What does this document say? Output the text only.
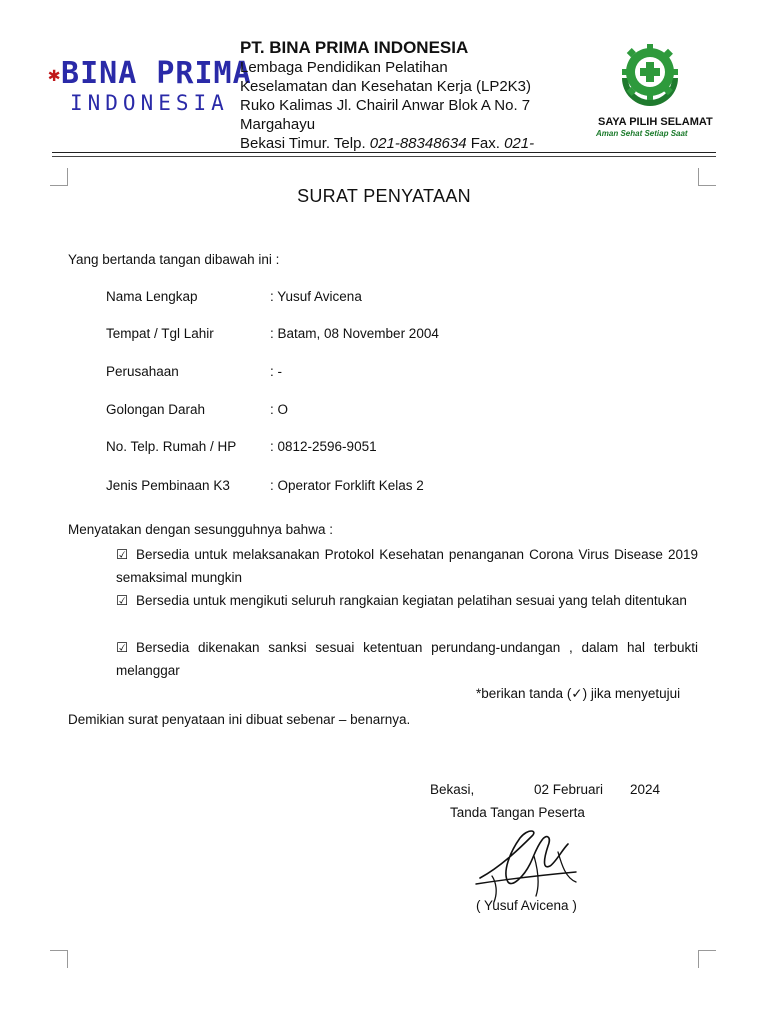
✱BINA PRIMA
INDONESIA
PT. BINA PRIMA INDONESIA
Lembaga Pendidikan Pelatihan
Keselamatan dan Kesehatan Kerja (LP2K3)
Ruko Kalimas Jl. Chairil Anwar Blok A No. 7
Margahayu
Bekasi Timur. Telp. 021-88348634 Fax. 021-
SAYA PILIH SELAMAT
Aman Sehat Setiap Saat
SURAT PENYATAAN
Yang bertanda tangan dibawah ini :
Nama Lengkap	: Yusuf Avicena
Tempat / Tgl Lahir	: Batam, 08 November 2004
Perusahaan	: -
Golongan Darah	: O
No. Telp. Rumah / HP : 0812-2596-9051
Jenis Pembinaan K3	: Operator Forklift Kelas 2
Menyatakan dengan sesungguhnya bahwa :
☑ Bersedia untuk melaksanakan Protokol Kesehatan penanganan Corona Virus Disease 2019 semaksimal mungkin
☑ Bersedia untuk mengikuti seluruh rangkaian kegiatan pelatihan sesuai yang telah ditentukan
☑ Bersedia dikenakan sanksi sesuai ketentuan perundang-undangan , dalam hal terbukti melanggar
*berikan tanda (✓) jika menyetujui
Demikian surat penyataan ini dibuat sebenar – benarnya.
Bekasi,	02 Februari 2024
Tanda Tangan Peserta
( Yusuf Avicena )
